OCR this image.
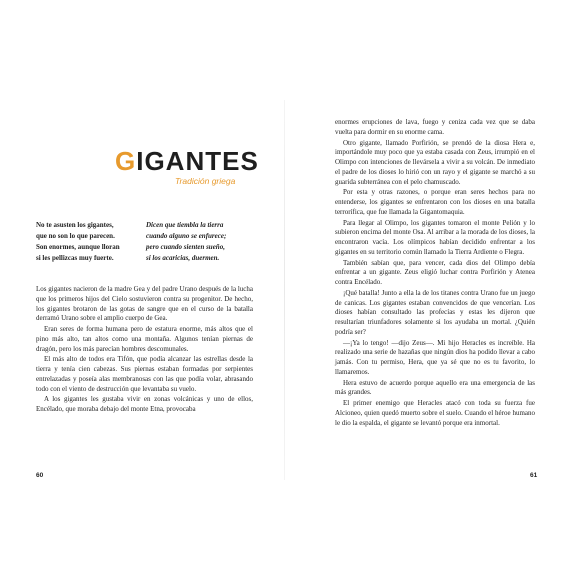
GIGANTES

Tradición griega

No te asusten los gigantes,
que no son lo que parecen.
Son enormes, aunque lloran
si les pellizcas muy fuerte.
Dicen que tiembla la tierra
cuando alguno se enfurece;
pero cuando sienten sueño,
si los acaricias, duermen.

Los gigantes nacieron de la madre Gea y del padre Urano después de la lucha que los primeros hijos del Cielo sostuvieron contra su progenitor. De hecho, los gigantes brotaron de las gotas de sangre que en el curso de la batalla derramó Urano sobre el amplio cuerpo de Gea.

Eran seres de forma humana pero de estatura enorme, más altos que el pino más alto, tan altos como una montaña. Algunos tenían piernas de dragón, pero los más parecían hombres descomunales.

El más alto de todos era Tifón, que podía alcanzar las estrellas desde la tierra y tenía cien cabezas. Sus piernas estaban formadas por serpientes entrelazadas y poseía alas membranosas con las que podía volar, abrasando todo con el viento de destrucción que levantaba su vuelo.

A los gigantes les gustaba vivir en zonas volcánicas y uno de ellos, Encélado, que moraba debajo del monte Etna, provocaba

60

enormes erupciones de lava, fuego y ceniza cada vez que se daba vuelta para dormir en su enorme cama.

Otro gigante, llamado Porfirión, se prendó de la diosa Hera e, importándole muy poco que ya estaba casada con Zeus, irrumpió en el Olimpo con intenciones de llevársela a vivir a su volcán. De inmediato el padre de los dioses lo hirió con un rayo y el gigante se marchó a su guarida subterránea con el pelo chamuscado.

Por esta y otras razones, o porque eran seres hechos para no entenderse, los gigantes se enfrentaron con los dioses en una batalla terrorífica, que fue llamada la Gigantomaquia.

Para llegar al Olimpo, los gigantes tomaron el monte Pelión y lo subieron encima del monte Osa. Al arribar a la morada de los dioses, la encontraron vacía. Los olímpicos habían decidido enfrentar a los gigantes en su territorio común llamado la Tierra Ardiente o Flegra.

También sabían que, para vencer, cada dios del Olimpo debía enfrentar a un gigante. Zeus eligió luchar contra Porfirión y Atenea contra Encélado.

¡Qué batalla! Junto a ella la de los titanes contra Urano fue un juego de canicas. Los gigantes estaban convencidos de que vencerían. Los dioses habían consultado las profecías y estas les dijeron que resultarían triunfadores solamente si los ayudaba un mortal. ¿Quién podría ser?

—¡Ya lo tengo! —dijo Zeus—. Mi hijo Heracles es increíble. Ha realizado una serie de hazañas que ningún dios ha podido llevar a cabo jamás. Con tu permiso, Hera, que ya sé que no es tu favorito, lo llamaremos.

Hera estuvo de acuerdo porque aquello era una emergencia de las más grandes.

El primer enemigo que Heracles atacó con toda su fuerza fue Alcioneo, quien quedó muerto sobre el suelo. Cuando el héroe humano le dio la espalda, el gigante se levantó porque era inmortal.

61
